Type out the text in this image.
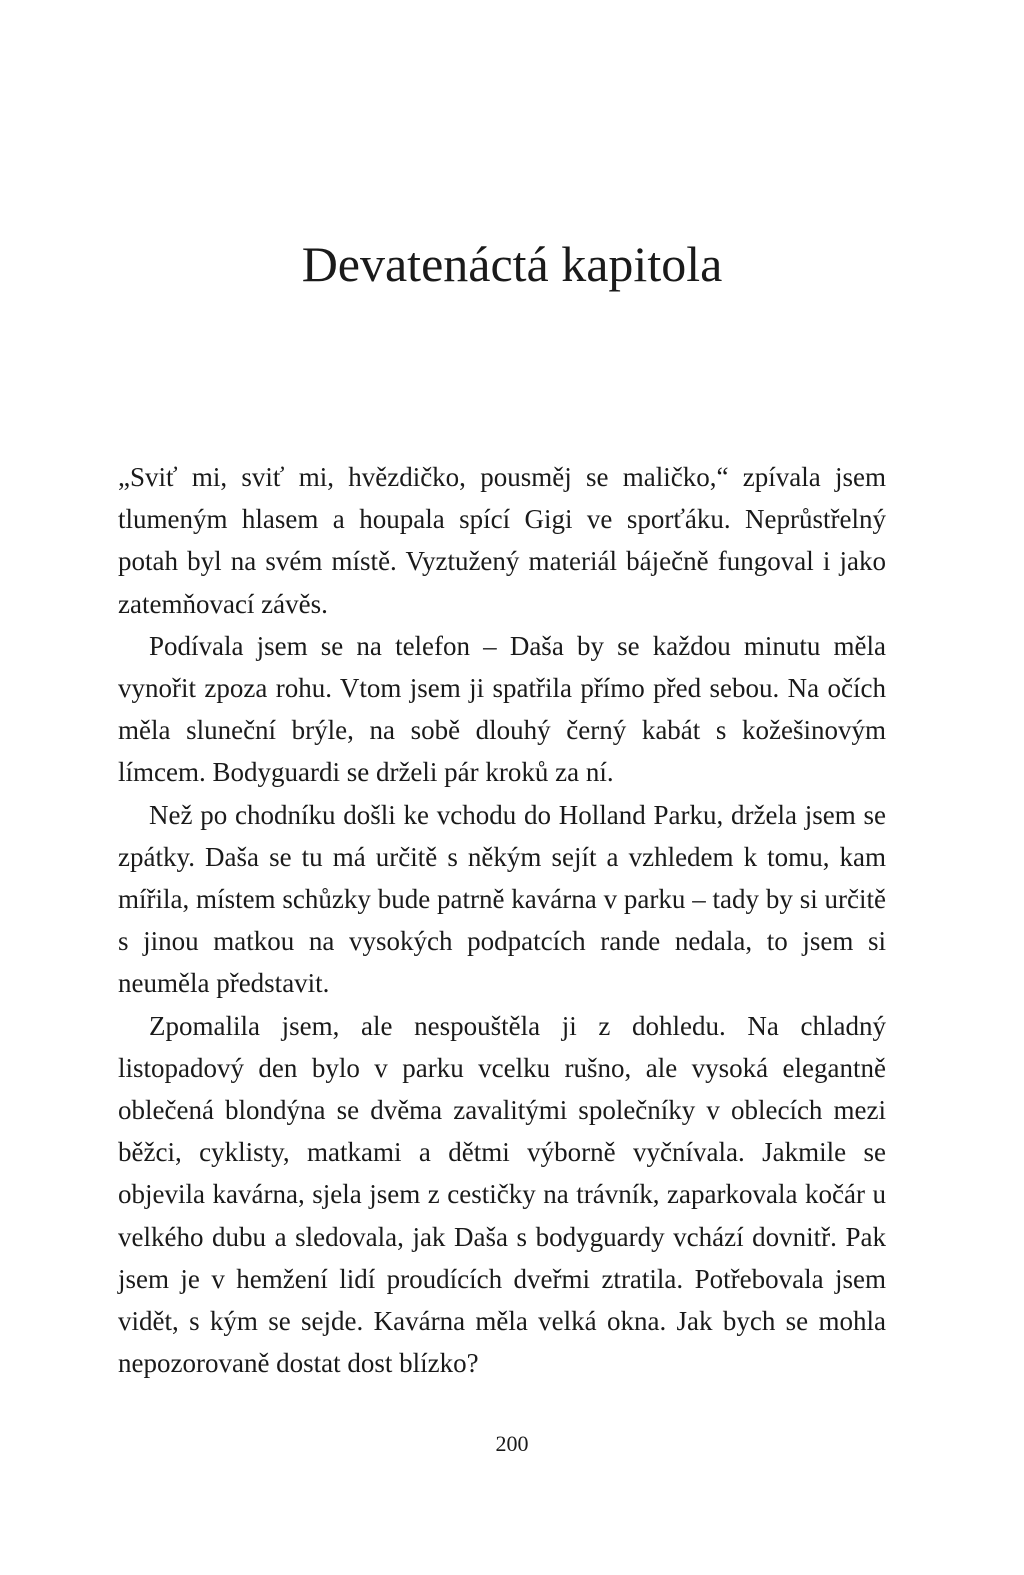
Devatenáctá kapitola

„Sviť mi, sviť mi, hvězdičko, pousměj se maličko,“ zpívala jsem tlumeným hlasem a houpala spící Gigi ve sporťáku. Neprůstřelný potah byl na svém místě. Vyztužený materiál báječně fungoval i jako zatemňovací závěs.

Podívala jsem se na telefon – Daša by se každou minutu měla vynořit zpoza rohu. Vtom jsem ji spatřila přímo před sebou. Na očích měla sluneční brýle, na sobě dlouhý černý kabát s kožešinovým límcem. Bodyguardi se drželi pár kroků za ní.

Než po chodníku došli ke vchodu do Holland Parku, držela jsem se zpátky. Daša se tu má určitě s někým sejít a vzhledem k tomu, kam mířila, místem schůzky bude patrně kavárna v parku – tady by si určitě s jinou matkou na vysokých podpatcích rande nedala, to jsem si neuměla představit.

Zpomalila jsem, ale nespouštěla ji z dohledu. Na chladný listopadový den bylo v parku vcelku rušno, ale vysoká elegantně oblečená blondýna se dvěma zavalitými společníky v oblecích mezi běžci, cyklisty, matkami a dětmi výborně vyčnívala. Jakmile se objevila kavárna, sjela jsem z cestičky na trávník, zaparkovala kočár u velkého dubu a sledovala, jak Daša s bodyguardy vchází dovnitř. Pak jsem je v hemžení lidí proudících dveřmi ztratila. Potřebovala jsem vidět, s kým se sejde. Kavárna měla velká okna. Jak bych se mohla nepozorovaně dostat dost blízko?

200
